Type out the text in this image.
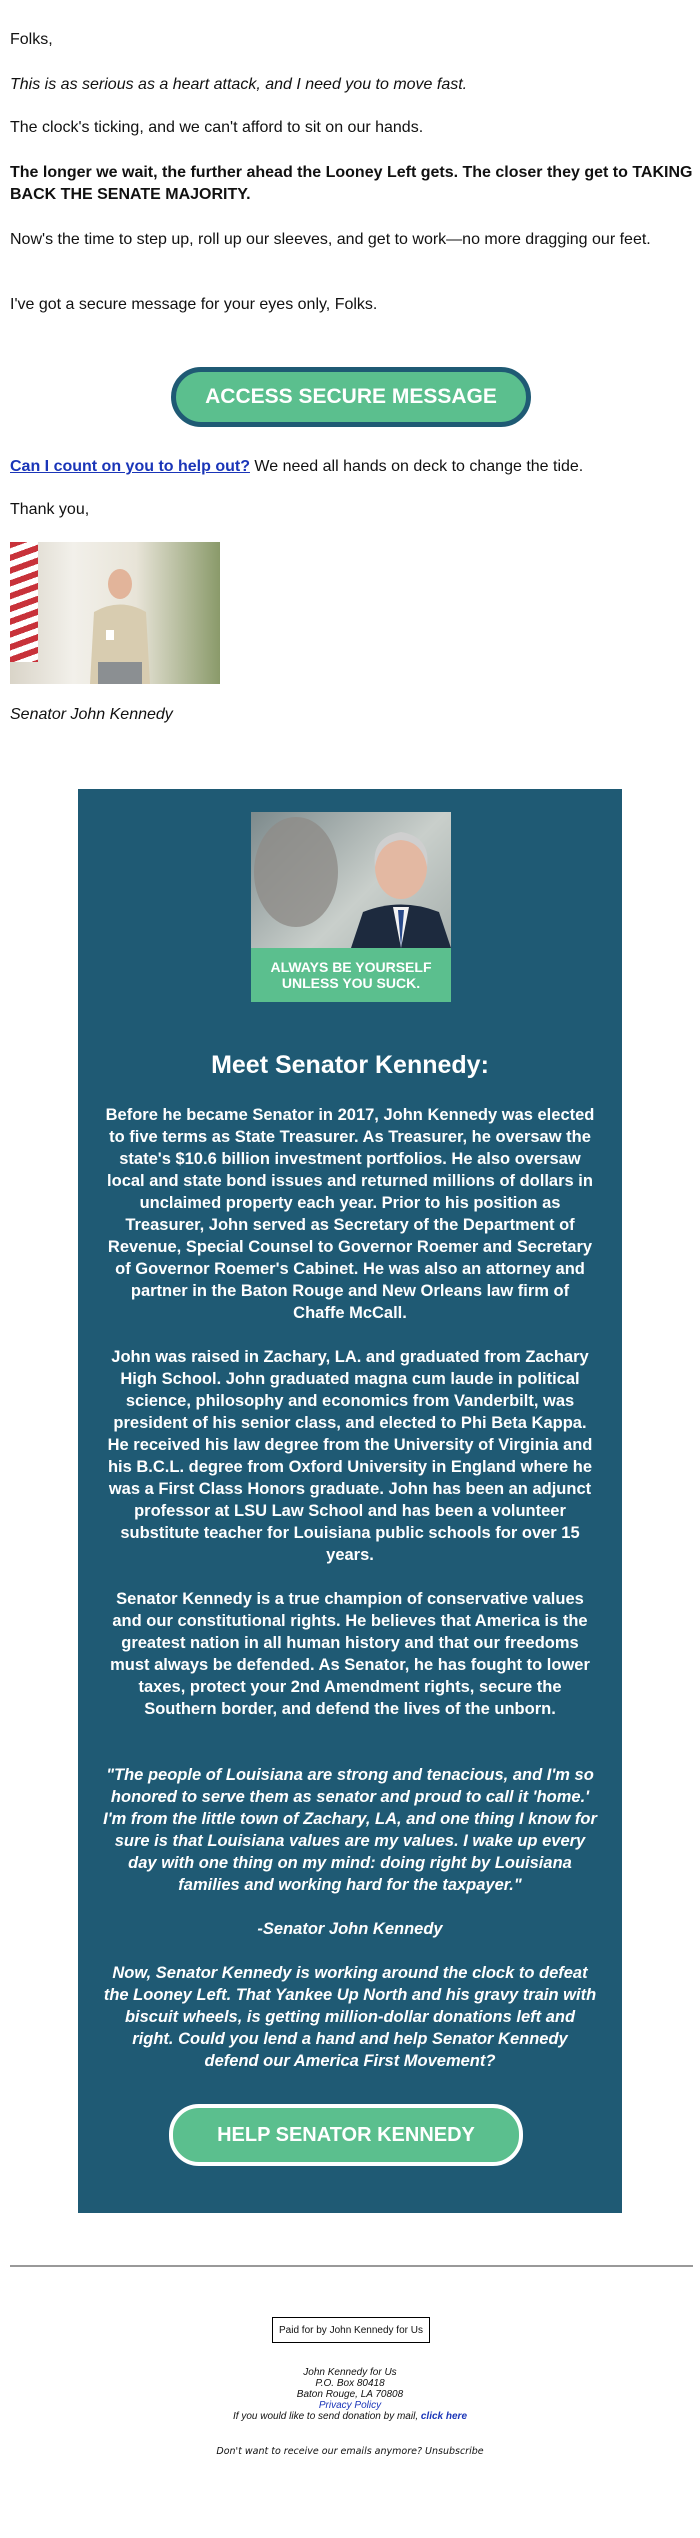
Folks,

This is as serious as a heart attack, and I need you to move fast.

The clock's ticking, and we can't afford to sit on our hands.

The longer we wait, the further ahead the Looney Left gets. The closer they get to TAKING BACK THE SENATE MAJORITY.

Now's the time to step up, roll up our sleeves, and get to work—no more dragging our feet.

I've got a secure message for your eyes only, Folks.

ACCESS SECURE MESSAGE

Can I count on you to help out? We need all hands on deck to change the tide.

Thank you,

Senator John Kennedy

ALWAYS BE YOURSELF UNLESS YOU SUCK.
Meet Senator Kennedy:

Before he became Senator in 2017, John Kennedy was elected to five terms as State Treasurer. As Treasurer, he oversaw the state's $10.6 billion investment portfolios. He also oversaw local and state bond issues and returned millions of dollars in unclaimed property each year. Prior to his position as Treasurer, John served as Secretary of the Department of Revenue, Special Counsel to Governor Roemer and Secretary of Governor Roemer's Cabinet. He was also an attorney and partner in the Baton Rouge and New Orleans law firm of Chaffe McCall.

John was raised in Zachary, LA. and graduated from Zachary High School. John graduated magna cum laude in political science, philosophy and economics from Vanderbilt, was president of his senior class, and elected to Phi Beta Kappa. He received his law degree from the University of Virginia and his B.C.L. degree from Oxford University in England where he was a First Class Honors graduate. John has been an adjunct professor at LSU Law School and has been a volunteer substitute teacher for Louisiana public schools for over 15 years.

Senator Kennedy is a true champion of conservative values and our constitutional rights. He believes that America is the greatest nation in all human history and that our freedoms must always be defended. As Senator, he has fought to lower taxes, protect your 2nd Amendment rights, secure the Southern border, and defend the lives of the unborn.

"The people of Louisiana are strong and tenacious, and I'm so honored to serve them as senator and proud to call it 'home.' I'm from the little town of Zachary, LA, and one thing I know for sure is that Louisiana values are my values. I wake up every day with one thing on my mind: doing right by Louisiana families and working hard for the taxpayer."

-Senator John Kennedy

Now, Senator Kennedy is working around the clock to defeat the Looney Left. That Yankee Up North and his gravy train with biscuit wheels, is getting million-dollar donations left and right. Could you lend a hand and help Senator Kennedy defend our America First Movement?

HELP SENATOR KENNEDY
Paid for by John Kennedy for Us

John Kennedy for Us

P.O. Box 80418

Baton Rouge, LA 70808

Privacy Policy

If you would like to send donation by mail, click here

Don't want to receive our emails anymore? Unsubscribe
